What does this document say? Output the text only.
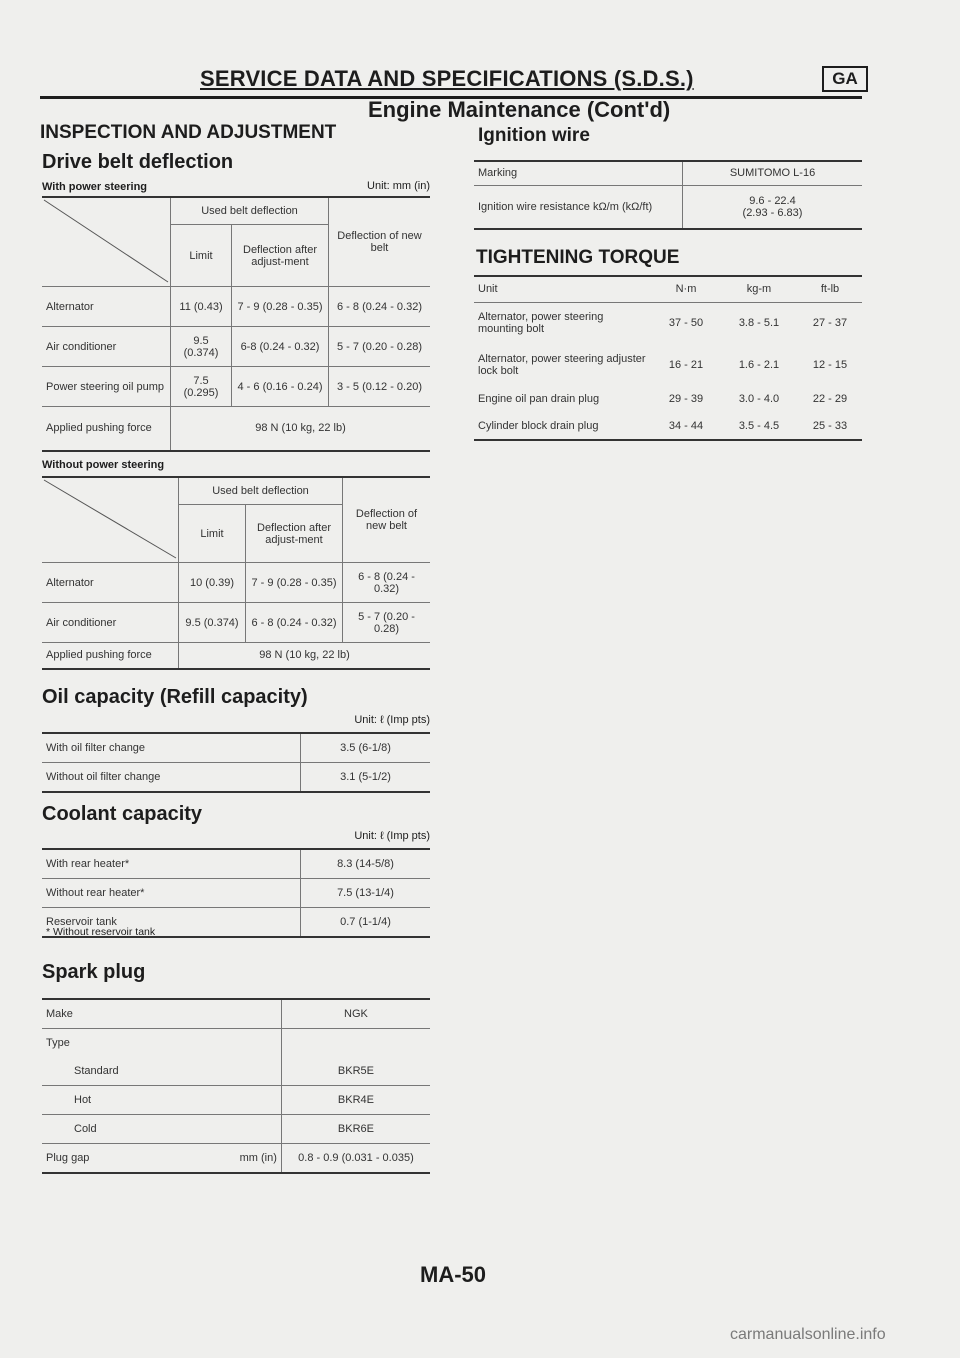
SERVICE DATA AND SPECIFICATIONS (S.D.S.)	GA
Engine Maintenance (Cont'd)
INSPECTION AND ADJUSTMENT
Drive belt deflection
With power steering	Unit: mm (in)
	Used belt deflection		Deflection of new belt
	Limit	Deflection after adjust-ment	
Alternator	11 (0.43)	7 - 9 (0.28 - 0.35)	6 - 8 (0.24 - 0.32)
Air conditioner	9.5 (0.374)	6-8 (0.24 - 0.32)	5 - 7 (0.20 - 0.28)
Power steering oil pump	7.5 (0.295)	4 - 6 (0.16 - 0.24)	3 - 5 (0.12 - 0.20)
Applied pushing force	98 N (10 kg, 22 lb)		
Without power steering
	Used belt deflection		Deflection of new belt
	Limit	Deflection after adjust-ment	
Alternator	10 (0.39)	7 - 9 (0.28 - 0.35)	6 - 8 (0.24 - 0.32)
Air conditioner	9.5 (0.374)	6 - 8 (0.24 - 0.32)	5 - 7 (0.20 - 0.28)
Applied pushing force	98 N (10 kg, 22 lb)		
Oil capacity (Refill capacity)
Unit: ℓ (Imp pts)
With oil filter change	3.5 (6-1/8)
Without oil filter change	3.1 (5-1/2)
Coolant capacity
Unit: ℓ (Imp pts)
With rear heater*	8.3 (14-5/8)
Without rear heater*	7.5 (13-1/4)
Reservoir tank	0.7 (1-1/4)
* Without reservoir tank
Spark plug
Make		NGK
Type		
	Standard	BKR5E
	Hot	BKR4E
	Cold	BKR6E
Plug gap mm (in)		0.8 - 0.9 (0.031 - 0.035)
Ignition wire
Marking	SUMITOMO L-16
Ignition wire resistance kΩ/m (kΩ/ft)	9.6 - 22.4
(2.93 - 6.83)
TIGHTENING TORQUE
Unit	N·m	kg-m	ft-lb
Alternator, power steering mounting bolt	37 - 50	3.8 - 5.1	27 - 37
Alternator, power steering adjuster lock bolt	16 - 21	1.6 - 2.1	12 - 15
Engine oil pan drain plug	29 - 39	3.0 - 4.0	22 - 29
Cylinder block drain plug	34 - 44	3.5 - 4.5	25 - 33
MA-50
carmanualsonline.info
